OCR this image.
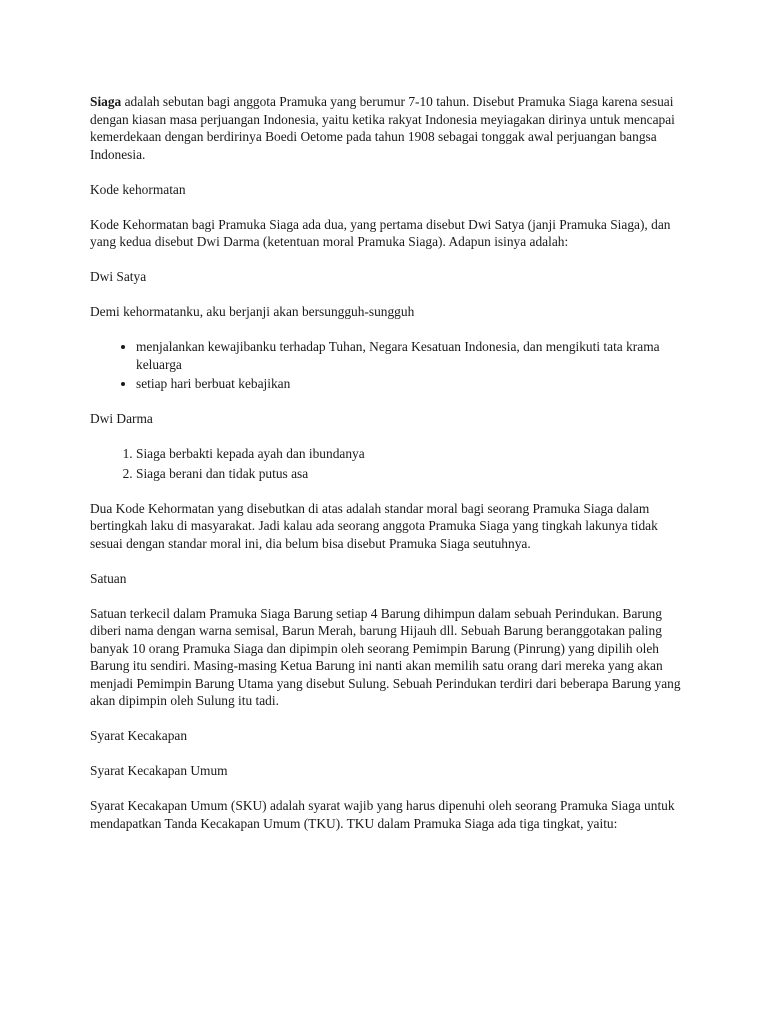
Siaga adalah sebutan bagi anggota Pramuka yang berumur 7-10 tahun. Disebut Pramuka Siaga karena sesuai dengan kiasan masa perjuangan Indonesia, yaitu ketika rakyat Indonesia meyiagakan dirinya untuk mencapai kemerdekaan dengan berdirinya Boedi Oetome pada tahun 1908 sebagai tonggak awal perjuangan bangsa Indonesia.

Kode kehormatan

Kode Kehormatan bagi Pramuka Siaga ada dua, yang pertama disebut Dwi Satya (janji Pramuka Siaga), dan yang kedua disebut Dwi Darma (ketentuan moral Pramuka Siaga). Adapun isinya adalah:

Dwi Satya

Demi kehormatanku, aku berjanji akan bersungguh-sungguh

• menjalankan kewajibanku terhadap Tuhan, Negara Kesatuan Indonesia, dan mengikuti tata krama keluarga
• setiap hari berbuat kebajikan

Dwi Darma

1. Siaga berbakti kepada ayah dan ibundanya
2. Siaga berani dan tidak putus asa

Dua Kode Kehormatan yang disebutkan di atas adalah standar moral bagi seorang Pramuka Siaga dalam bertingkah laku di masyarakat. Jadi kalau ada seorang anggota Pramuka Siaga yang tingkah lakunya tidak sesuai dengan standar moral ini, dia belum bisa disebut Pramuka Siaga seutuhnya.

Satuan

Satuan terkecil dalam Pramuka Siaga Barung setiap 4 Barung dihimpun dalam sebuah Perindukan. Barung diberi nama dengan warna semisal, Barun Merah, barung Hijauh dll. Sebuah Barung beranggotakan paling banyak 10 orang Pramuka Siaga dan dipimpin oleh seorang Pemimpin Barung (Pinrung) yang dipilih oleh Barung itu sendiri. Masing-masing Ketua Barung ini nanti akan memilih satu orang dari mereka yang akan menjadi Pemimpin Barung Utama yang disebut Sulung. Sebuah Perindukan terdiri dari beberapa Barung yang akan dipimpin oleh Sulung itu tadi.

Syarat Kecakapan

Syarat Kecakapan Umum

Syarat Kecakapan Umum (SKU) adalah syarat wajib yang harus dipenuhi oleh seorang Pramuka Siaga untuk mendapatkan Tanda Kecakapan Umum (TKU). TKU dalam Pramuka Siaga ada tiga tingkat, yaitu:
